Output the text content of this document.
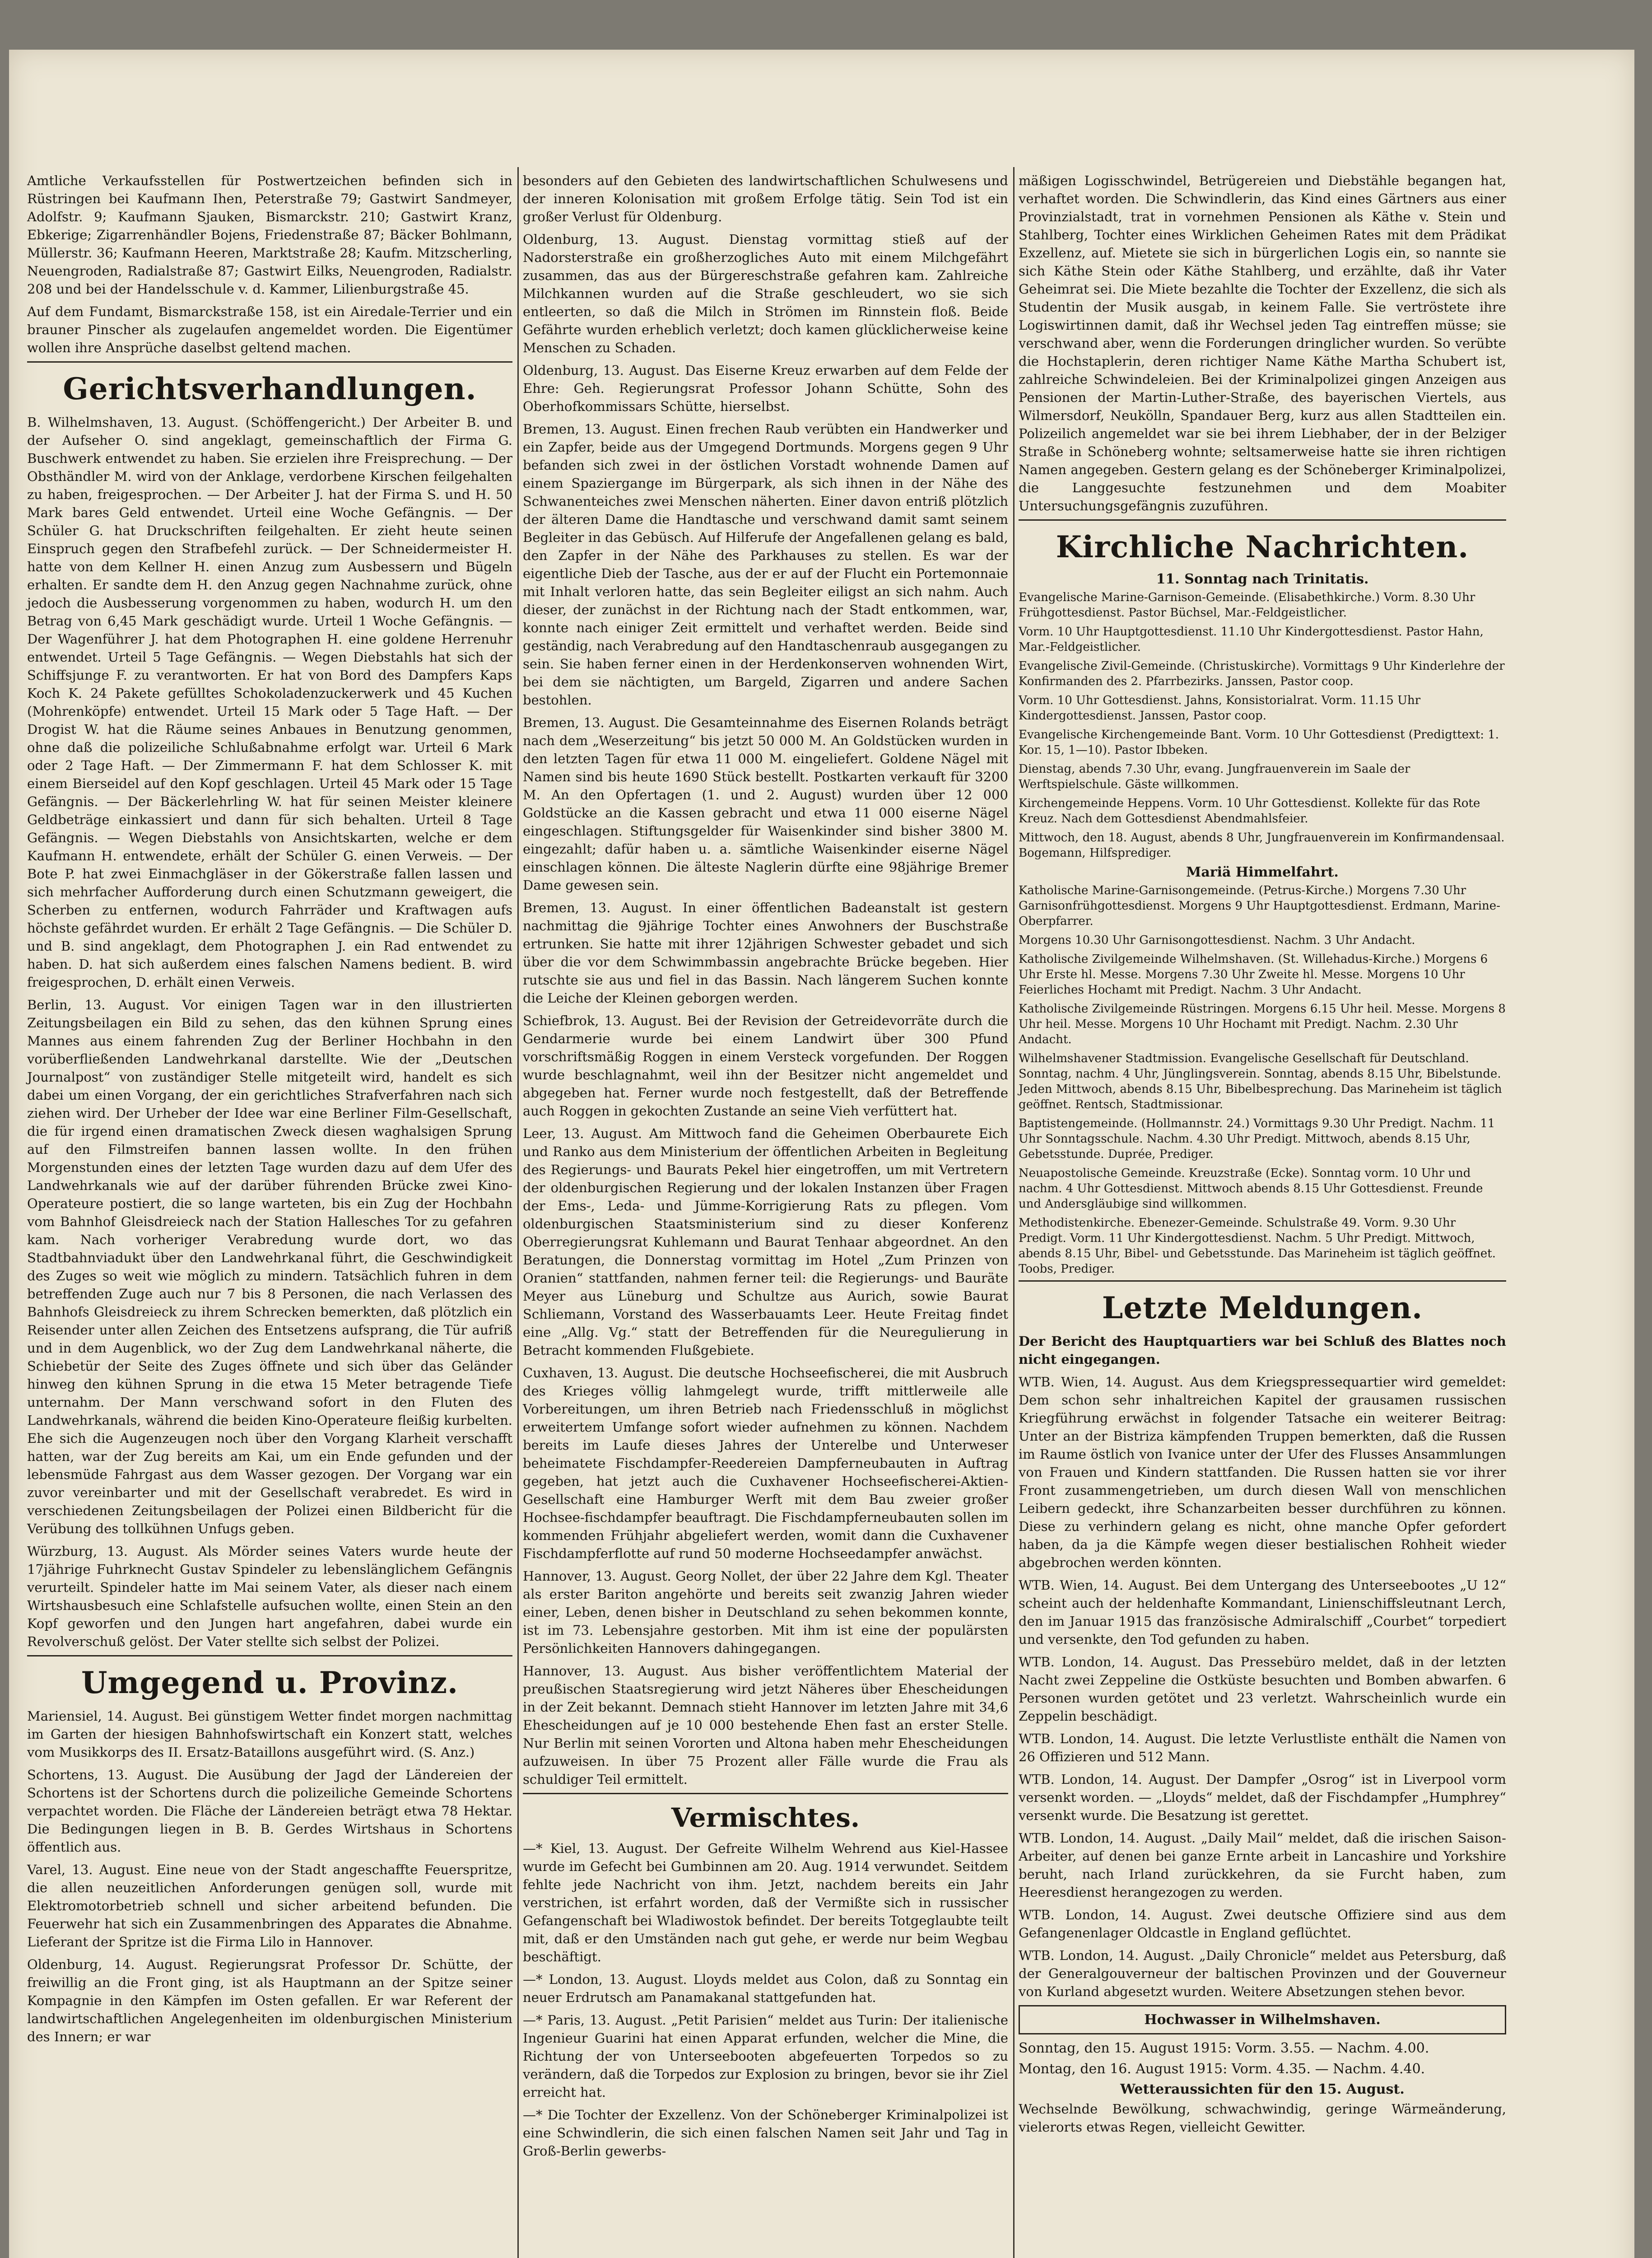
Amtliche Verkaufsstellen für Postwertzeichen befinden sich in Rüstringen bei Kaufmann Ihen, Peterstraße 79; Gastwirt Sandmeyer, Adolfstr. 9; Kaufmann Sjauken, Bismarckstr. 210; Gastwirt Kranz, Ebkerige; Zigarrenhändler Bojens, Friedenstraße 87; Bäcker Bohlmann, Müllerstr. 36; Kaufmann Heeren, Marktstraße 28; Kaufm. Mitzscherling, Neuengroden, Radialstraße 87; Gastwirt Eilks, Neuengroden, Radialstr. 208 und bei der Handelsschule v. d. Kammer, Lilienburgstraße 45.

Auf dem Fundamt, Bismarckstraße 158, ist ein Airedale-Terrier und ein brauner Pinscher als zugelaufen angemeldet worden. Die Eigentümer wollen ihre Ansprüche daselbst geltend machen.

Gerichtsverhandlungen.

B. Wilhelmshaven, 13. August. (Schöffengericht.) Der Arbeiter B. und der Aufseher O. sind angeklagt, gemeinschaftlich der Firma G. Buschwerk entwendet zu haben. Sie erzielen ihre Freisprechung. — Der Obsthändler M. wird von der Anklage, verdorbene Kirschen feilgehalten zu haben, freigesprochen. — Der Arbeiter J. hat der Firma S. und H. 50 Mark bares Geld entwendet. Urteil eine Woche Gefängnis. — Der Schüler G. hat Druckschriften feilgehalten. Er zieht heute seinen Einspruch gegen den Strafbefehl zurück. — Der Schneidermeister H. hatte von dem Kellner H. einen Anzug zum Ausbessern und Bügeln erhalten. Er sandte dem H. den Anzug gegen Nachnahme zurück, ohne jedoch die Ausbesserung vorgenommen zu haben, wodurch H. um den Betrag von 6,45 Mark geschädigt wurde. Urteil 1 Woche Gefängnis. — Der Wagenführer J. hat dem Photographen H. eine goldene Herrenuhr entwendet. Urteil 5 Tage Gefängnis. — Wegen Diebstahls hat sich der Schiffsjunge F. zu verantworten. Er hat von Bord des Dampfers Kaps Koch K. 24 Pakete gefülltes Schokoladenzuckerwerk und 45 Kuchen (Mohrenköpfe) entwendet. Urteil 15 Mark oder 5 Tage Haft. — Der Drogist W. hat die Räume seines Anbaues in Benutzung genommen, ohne daß die polizeiliche Schlußabnahme erfolgt war. Urteil 6 Mark oder 2 Tage Haft. — Der Zimmermann F. hat dem Schlosser K. mit einem Bierseidel auf den Kopf geschlagen. Urteil 45 Mark oder 15 Tage Gefängnis. — Der Bäckerlehrling W. hat für seinen Meister kleinere Geldbeträge einkassiert und dann für sich behalten. Urteil 8 Tage Gefängnis. — Wegen Diebstahls von Ansichtskarten, welche er dem Kaufmann H. entwendete, erhält der Schüler G. einen Verweis. — Der Bote P. hat zwei Einmachgläser in der Gökerstraße fallen lassen und sich mehrfacher Aufforderung durch einen Schutzmann geweigert, die Scherben zu entfernen, wodurch Fahrräder und Kraftwagen aufs höchste gefährdet wurden. Er erhält 2 Tage Gefängnis. — Die Schüler D. und B. sind angeklagt, dem Photographen J. ein Rad entwendet zu haben. D. hat sich außerdem eines falschen Namens bedient. B. wird freigesprochen, D. erhält einen Verweis.

Berlin, 13. August. Vor einigen Tagen war in den illustrierten Zeitungsbeilagen ein Bild zu sehen, das den kühnen Sprung eines Mannes aus einem fahrenden Zug der Berliner Hochbahn in den vorüberfließenden Landwehrkanal darstellte. Wie der „Deutschen Journalpost“ von zuständiger Stelle mitgeteilt wird, handelt es sich dabei um einen Vorgang, der ein gerichtliches Strafverfahren nach sich ziehen wird. Der Urheber der Idee war eine Berliner Film-Gesellschaft, die für irgend einen dramatischen Zweck diesen waghalsigen Sprung auf den Filmstreifen bannen lassen wollte. In den frühen Morgenstunden eines der letzten Tage wurden dazu auf dem Ufer des Landwehrkanals wie auf der darüber führenden Brücke zwei Kino-Operateure postiert, die so lange warteten, bis ein Zug der Hochbahn vom Bahnhof Gleisdreieck nach der Station Hallesches Tor zu gefahren kam. Nach vorheriger Verabredung wurde dort, wo das Stadtbahnviadukt über den Landwehrkanal führt, die Geschwindigkeit des Zuges so weit wie möglich zu mindern. Tatsächlich fuhren in dem betreffenden Zuge auch nur 7 bis 8 Personen, die nach Verlassen des Bahnhofs Gleisdreieck zu ihrem Schrecken bemerkten, daß plötzlich ein Reisender unter allen Zeichen des Entsetzens aufsprang, die Tür aufriß und in dem Augenblick, wo der Zug dem Landwehrkanal näherte, die Schiebetür der Seite des Zuges öffnete und sich über das Geländer hinweg den kühnen Sprung in die etwa 15 Meter betragende Tiefe unternahm. Der Mann verschwand sofort in den Fluten des Landwehrkanals, während die beiden Kino-Operateure fleißig kurbelten. Ehe sich die Augenzeugen noch über den Vorgang Klarheit verschafft hatten, war der Zug bereits am Kai, um ein Ende gefunden und der lebensmüde Fahrgast aus dem Wasser gezogen. Der Vorgang war ein zuvor vereinbarter und mit der Gesellschaft verabredet. Es wird in verschiedenen Zeitungsbeilagen der Polizei einen Bildbericht für die Verübung des tollkühnen Unfugs geben.

Würzburg, 13. August. Als Mörder seines Vaters wurde heute der 17jährige Fuhrknecht Gustav Spindeler zu lebenslänglichem Gefängnis verurteilt. Spindeler hatte im Mai seinem Vater, als dieser nach einem Wirtshausbesuch eine Schlafstelle aufsuchen wollte, einen Stein an den Kopf geworfen und den Jungen hart angefahren, dabei wurde ein Revolverschuß gelöst. Der Vater stellte sich selbst der Polizei.

Umgegend u. Provinz.

Mariensiel, 14. August. Bei günstigem Wetter findet morgen nachmittag im Garten der hiesigen Bahnhofswirtschaft ein Konzert statt, welches vom Musikkorps des II. Ersatz-Bataillons ausgeführt wird. (S. Anz.)

Schortens, 13. August. Die Ausübung der Jagd der Ländereien der Schortens ist der Schortens durch die polizeiliche Gemeinde Schortens verpachtet worden. Die Fläche der Ländereien beträgt etwa 78 Hektar. Die Bedingungen liegen in B. B. Gerdes Wirtshaus in Schortens öffentlich aus.

Varel, 13. August. Eine neue von der Stadt angeschaffte Feuerspritze, die allen neuzeitlichen Anforderungen genügen soll, wurde mit Elektromotorbetrieb schnell und sicher arbeitend befunden. Die Feuerwehr hat sich ein Zusammenbringen des Apparates die Abnahme. Lieferant der Spritze ist die Firma Lilo in Hannover.

Oldenburg, 14. August. Regierungsrat Professor Dr. Schütte, der freiwillig an die Front ging, ist als Hauptmann an der Spitze seiner Kompagnie in den Kämpfen im Osten gefallen. Er war Referent der landwirtschaftlichen Angelegenheiten im oldenburgischen Ministerium des Innern; er war

besonders auf den Gebieten des landwirtschaftlichen Schulwesens und der inneren Kolonisation mit großem Erfolge tätig. Sein Tod ist ein großer Verlust für Oldenburg.

Oldenburg, 13. August. Dienstag vormittag stieß auf der Nadorsterstraße ein großherzogliches Auto mit einem Milchgefährt zusammen, das aus der Bürgereschstraße gefahren kam. Zahlreiche Milchkannen wurden auf die Straße geschleudert, wo sie sich entleerten, so daß die Milch in Strömen im Rinnstein floß. Beide Gefährte wurden erheblich verletzt; doch kamen glücklicherweise keine Menschen zu Schaden.

Oldenburg, 13. August. Das Eiserne Kreuz erwarben auf dem Felde der Ehre: Geh. Regierungsrat Professor Johann Schütte, Sohn des Oberhofkommissars Schütte, hierselbst.

Bremen, 13. August. Einen frechen Raub verübten ein Handwerker und ein Zapfer, beide aus der Umgegend Dortmunds. Morgens gegen 9 Uhr befanden sich zwei in der östlichen Vorstadt wohnende Damen auf einem Spaziergange im Bürgerpark, als sich ihnen in der Nähe des Schwanenteiches zwei Menschen näherten. Einer davon entriß plötzlich der älteren Dame die Handtasche und verschwand damit samt seinem Begleiter in das Gebüsch. Auf Hilferufe der Angefallenen gelang es bald, den Zapfer in der Nähe des Parkhauses zu stellen. Es war der eigentliche Dieb der Tasche, aus der er auf der Flucht ein Portemonnaie mit Inhalt verloren hatte, das sein Begleiter eiligst an sich nahm. Auch dieser, der zunächst in der Richtung nach der Stadt entkommen, war, konnte nach einiger Zeit ermittelt und verhaftet werden. Beide sind geständig, nach Verabredung auf den Handtaschenraub ausgegangen zu sein. Sie haben ferner einen in der Herdenkonserven wohnenden Wirt, bei dem sie nächtigten, um Bargeld, Zigarren und andere Sachen bestohlen.

Bremen, 13. August. Die Gesamteinnahme des Eisernen Rolands beträgt nach dem „Weserzeitung“ bis jetzt 50 000 M. An Goldstücken wurden in den letzten Tagen für etwa 11 000 M. eingeliefert. Goldene Nägel mit Namen sind bis heute 1690 Stück bestellt. Postkarten verkauft für 3200 M. An den Opfertagen (1. und 2. August) wurden über 12 000 Goldstücke an die Kassen gebracht und etwa 11 000 eiserne Nägel eingeschlagen. Stiftungsgelder für Waisenkinder sind bisher 3800 M. eingezahlt; dafür haben u. a. sämtliche Waisenkinder eiserne Nägel einschlagen können. Die älteste Naglerin dürfte eine 98jährige Bremer Dame gewesen sein.

Bremen, 13. August. In einer öffentlichen Badeanstalt ist gestern nachmittag die 9jährige Tochter eines Anwohners der Buschstraße ertrunken. Sie hatte mit ihrer 12jährigen Schwester gebadet und sich über die vor dem Schwimmbassin angebrachte Brücke begeben. Hier rutschte sie aus und fiel in das Bassin. Nach längerem Suchen konnte die Leiche der Kleinen geborgen werden.

Schiefbrok, 13. August. Bei der Revision der Getreidevorräte durch die Gendarmerie wurde bei einem Landwirt über 300 Pfund vorschriftsmäßig Roggen in einem Versteck vorgefunden. Der Roggen wurde beschlagnahmt, weil ihn der Besitzer nicht angemeldet und abgegeben hat. Ferner wurde noch festgestellt, daß der Betreffende auch Roggen in gekochten Zustande an seine Vieh verfüttert hat.

Leer, 13. August. Am Mittwoch fand die Geheimen Oberbaurete Eich und Ranko aus dem Ministerium der öffentlichen Arbeiten in Begleitung des Regierungs- und Baurats Pekel hier eingetroffen, um mit Vertretern der oldenburgischen Regierung und der lokalen Instanzen über Fragen der Ems-, Leda- und Jümme-Korrigierung Rats zu pflegen. Vom oldenburgischen Staatsministerium sind zu dieser Konferenz Oberregierungsrat Kuhlemann und Baurat Tenhaar abgeordnet. An den Beratungen, die Donnerstag vormittag im Hotel „Zum Prinzen von Oranien“ stattfanden, nahmen ferner teil: die Regierungs- und Bauräte Meyer aus Lüneburg und Schultze aus Aurich, sowie Baurat Schliemann, Vorstand des Wasserbauamts Leer. Heute Freitag findet eine „Allg. Vg.“ statt der Betreffenden für die Neuregulierung in Betracht kommenden Flußgebiete.

Cuxhaven, 13. August. Die deutsche Hochseefischerei, die mit Ausbruch des Krieges völlig lahmgelegt wurde, trifft mittlerweile alle Vorbereitungen, um ihren Betrieb nach Friedensschluß in möglichst erweitertem Umfange sofort wieder aufnehmen zu können. Nachdem bereits im Laufe dieses Jahres der Unterelbe und Unterweser beheimatete Fischdampfer-Reedereien Dampferneubauten in Auftrag gegeben, hat jetzt auch die Cuxhavener Hochseefischerei-Aktien-Gesellschaft eine Hamburger Werft mit dem Bau zweier großer Hochsee-fischdampfer beauftragt. Die Fischdampferneubauten sollen im kommenden Frühjahr abgeliefert werden, womit dann die Cuxhavener Fischdampferflotte auf rund 50 moderne Hochseedampfer anwächst.

Hannover, 13. August. Georg Nollet, der über 22 Jahre dem Kgl. Theater als erster Bariton angehörte und bereits seit zwanzig Jahren wieder einer, Leben, denen bisher in Deutschland zu sehen bekommen konnte, ist im 73. Lebensjahre gestorben. Mit ihm ist eine der populärsten Persönlichkeiten Hannovers dahingegangen.

Hannover, 13. August. Aus bisher veröffentlichtem Material der preußischen Staatsregierung wird jetzt Näheres über Ehescheidungen in der Zeit bekannt. Demnach stieht Hannover im letzten Jahre mit 34,6 Ehescheidungen auf je 10 000 bestehende Ehen fast an erster Stelle. Nur Berlin mit seinen Vororten und Altona haben mehr Ehescheidungen aufzuweisen. In über 75 Prozent aller Fälle wurde die Frau als schuldiger Teil ermittelt.

Vermischtes.

—* Kiel, 13. August. Der Gefreite Wilhelm Wehrend aus Kiel-Hassee wurde im Gefecht bei Gumbinnen am 20. Aug. 1914 verwundet. Seitdem fehlte jede Nachricht von ihm. Jetzt, nachdem bereits ein Jahr verstrichen, ist erfahrt worden, daß der Vermißte sich in russischer Gefangenschaft bei Wladiwostok befindet. Der bereits Totgeglaubte teilt mit, daß er den Umständen nach gut gehe, er werde nur beim Wegbau beschäftigt.

—* London, 13. August. Lloyds meldet aus Colon, daß zu Sonntag ein neuer Erdrutsch am Panamakanal stattgefunden hat.

—* Paris, 13. August. „Petit Parisien“ meldet aus Turin: Der italienische Ingenieur Guarini hat einen Apparat erfunden, welcher die Mine, die Richtung der von Unterseebooten abgefeuerten Torpedos so zu verändern, daß die Torpedos zur Explosion zu bringen, bevor sie ihr Ziel erreicht hat.

—* Die Tochter der Exzellenz. Von der Schöneberger Kriminalpolizei ist eine Schwindlerin, die sich einen falschen Namen seit Jahr und Tag in Groß-Berlin gewerbs-

mäßigen Logisschwindel, Betrügereien und Diebstähle begangen hat, verhaftet worden. Die Schwindlerin, das Kind eines Gärtners aus einer Provinzialstadt, trat in vornehmen Pensionen als Käthe v. Stein und Stahlberg, Tochter eines Wirklichen Geheimen Rates mit dem Prädikat Exzellenz, auf. Mietete sie sich in bürgerlichen Logis ein, so nannte sie sich Käthe Stein oder Käthe Stahlberg, und erzählte, daß ihr Vater Geheimrat sei. Die Miete bezahlte die Tochter der Exzellenz, die sich als Studentin der Musik ausgab, in keinem Falle. Sie vertröstete ihre Logiswirtinnen damit, daß ihr Wechsel jeden Tag eintreffen müsse; sie verschwand aber, wenn die Forderungen dringlicher wurden. So verübte die Hochstaplerin, deren richtiger Name Käthe Martha Schubert ist, zahlreiche Schwindeleien. Bei der Kriminalpolizei gingen Anzeigen aus Pensionen der Martin-Luther-Straße, des bayerischen Viertels, aus Wilmersdorf, Neukölln, Spandauer Berg, kurz aus allen Stadtteilen ein. Polizeilich angemeldet war sie bei ihrem Liebhaber, der in der Belziger Straße in Schöneberg wohnte; seltsamerweise hatte sie ihren richtigen Namen angegeben. Gestern gelang es der Schöneberger Kriminalpolizei, die Langgesuchte festzunehmen und dem Moabiter Untersuchungsgefängnis zuzuführen.

Kirchliche Nachrichten.
11. Sonntag nach Trinitatis.

Evangelische Marine-Garnison-Gemeinde. (Elisabethkirche.) Vorm. 8.30 Uhr Frühgottesdienst. Pastor Büchsel, Mar.-Feldgeistlicher.

Vorm. 10 Uhr Hauptgottesdienst. 11.10 Uhr Kindergottesdienst. Pastor Hahn, Mar.-Feldgeistlicher.

Evangelische Zivil-Gemeinde. (Christuskirche). Vormittags 9 Uhr Kinderlehre der Konfirmanden des 2. Pfarrbezirks. Janssen, Pastor coop.

Vorm. 10 Uhr Gottesdienst. Jahns, Konsistorialrat. Vorm. 11.15 Uhr Kindergottesdienst. Janssen, Pastor coop.

Evangelische Kirchengemeinde Bant. Vorm. 10 Uhr Gottesdienst (Predigttext: 1. Kor. 15, 1—10). Pastor Ibbeken.

Dienstag, abends 7.30 Uhr, evang. Jungfrauenverein im Saale der Werftspielschule. Gäste willkommen.

Kirchengemeinde Heppens. Vorm. 10 Uhr Gottesdienst. Kollekte für das Rote Kreuz. Nach dem Gottesdienst Abendmahlsfeier.

Mittwoch, den 18. August, abends 8 Uhr, Jungfrauenverein im Konfirmandensaal. Bogemann, Hilfsprediger.

Mariä Himmelfahrt.

Katholische Marine-Garnisongemeinde. (Petrus-Kirche.) Morgens 7.30 Uhr Garnisonfrühgottesdienst. Morgens 9 Uhr Hauptgottesdienst. Erdmann, Marine-Oberpfarrer.

Morgens 10.30 Uhr Garnisongottesdienst. Nachm. 3 Uhr Andacht.

Katholische Zivilgemeinde Wilhelmshaven. (St. Willehadus-Kirche.) Morgens 6 Uhr Erste hl. Messe. Morgens 7.30 Uhr Zweite hl. Messe. Morgens 10 Uhr Feierliches Hochamt mit Predigt. Nachm. 3 Uhr Andacht.

Katholische Zivilgemeinde Rüstringen. Morgens 6.15 Uhr heil. Messe. Morgens 8 Uhr heil. Messe. Morgens 10 Uhr Hochamt mit Predigt. Nachm. 2.30 Uhr Andacht.

Wilhelmshavener Stadtmission. Evangelische Gesellschaft für Deutschland. Sonntag, nachm. 4 Uhr, Jünglingsverein. Sonntag, abends 8.15 Uhr, Bibelstunde. Jeden Mittwoch, abends 8.15 Uhr, Bibelbesprechung. Das Marineheim ist täglich geöffnet. Rentsch, Stadtmissionar.

Baptistengemeinde. (Hollmannstr. 24.) Vormittags 9.30 Uhr Predigt. Nachm. 11 Uhr Sonntagsschule. Nachm. 4.30 Uhr Predigt. Mittwoch, abends 8.15 Uhr, Gebetsstunde. Duprée, Prediger.

Neuapostolische Gemeinde. Kreuzstraße (Ecke). Sonntag vorm. 10 Uhr und nachm. 4 Uhr Gottesdienst. Mittwoch abends 8.15 Uhr Gottesdienst. Freunde und Andersgläubige sind willkommen.

Methodistenkirche. Ebenezer-Gemeinde. Schulstraße 49. Vorm. 9.30 Uhr Predigt. Vorm. 11 Uhr Kindergottesdienst. Nachm. 5 Uhr Predigt. Mittwoch, abends 8.15 Uhr, Bibel- und Gebetsstunde. Das Marineheim ist täglich geöffnet. Toobs, Prediger.

Letzte Meldungen.

Der Bericht des Hauptquartiers war bei Schluß des Blattes noch nicht eingegangen.

WTB. Wien, 14. August. Aus dem Kriegspressequartier wird gemeldet: Dem schon sehr inhaltreichen Kapitel der grausamen russischen Kriegführung erwächst in folgender Tatsache ein weiterer Beitrag: Unter an der Bistriza kämpfenden Truppen bemerkten, daß die Russen im Raume östlich von Ivanice unter der Ufer des Flusses Ansammlungen von Frauen und Kindern stattfanden. Die Russen hatten sie vor ihrer Front zusammengetrieben, um durch diesen Wall von menschlichen Leibern gedeckt, ihre Schanzarbeiten besser durchführen zu können. Diese zu verhindern gelang es nicht, ohne manche Opfer gefordert haben, da ja die Kämpfe wegen dieser bestialischen Rohheit wieder abgebrochen werden könnten.

WTB. Wien, 14. August. Bei dem Untergang des Unterseebootes „U 12“ scheint auch der heldenhafte Kommandant, Linienschiffsleutnant Lerch, den im Januar 1915 das französische Admiralschiff „Courbet“ torpediert und versenkte, den Tod gefunden zu haben.

WTB. London, 14. August. Das Pressebüro meldet, daß in der letzten Nacht zwei Zeppeline die Ostküste besuchten und Bomben abwarfen. 6 Personen wurden getötet und 23 verletzt. Wahrscheinlich wurde ein Zeppelin beschädigt.

WTB. London, 14. August. Die letzte Verlustliste enthält die Namen von 26 Offizieren und 512 Mann.

WTB. London, 14. August. Der Dampfer „Osrog“ ist in Liverpool vorm versenkt worden. — „Lloyds“ meldet, daß der Fischdampfer „Humphrey“ versenkt wurde. Die Besatzung ist gerettet.

WTB. London, 14. August. „Daily Mail“ meldet, daß die irischen Saison-Arbeiter, auf denen bei ganze Ernte arbeit in Lancashire und Yorkshire beruht, nach Irland zurückkehren, da sie Furcht haben, zum Heeresdienst herangezogen zu werden.

WTB. London, 14. August. Zwei deutsche Offiziere sind aus dem Gefangenenlager Oldcastle in England geflüchtet.

WTB. London, 14. August. „Daily Chronicle“ meldet aus Petersburg, daß der Generalgouverneur der baltischen Provinzen und der Gouverneur von Kurland abgesetzt wurden. Weitere Absetzungen stehen bevor.

Hochwasser in Wilhelmshaven.

Sonntag, den 15. August 1915: Vorm. 3.55. — Nachm. 4.00.

Montag, den 16. August 1915: Vorm. 4.35. — Nachm. 4.40.

Wetteraussichten für den 15. August.

Wechselnde Bewölkung, schwachwindig, geringe Wärmeänderung, vielerorts etwas Regen, vielleicht Gewitter.
